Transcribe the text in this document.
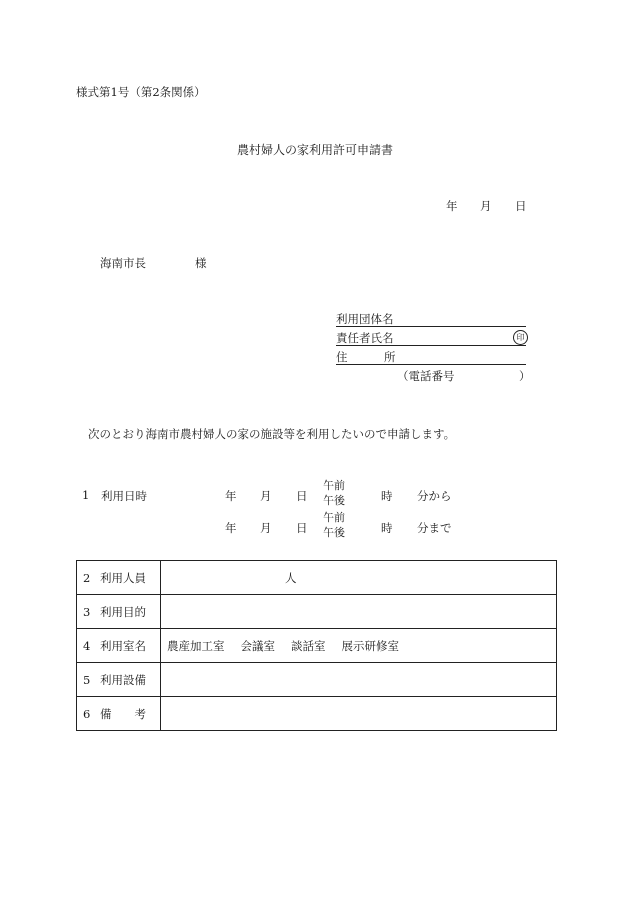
様式第1号（第2条関係）
農村婦人の家利用許可申請書
年 月 日
海南市長	様
利用団体名
責任者氏名	印
住	所
（電話番号	）
次のとおり海南市農村婦人の家の施設等を利用したいので申請します。
1 利用日時	年 月 日
午前
午後	時 分から
年 月 日
午前
午後	時 分まで
2 利用人員	人
3 利用目的	
4 利用室名	農産加工室 会議室 談話室 展示研修室
5 利用設備	
6 備 考	
